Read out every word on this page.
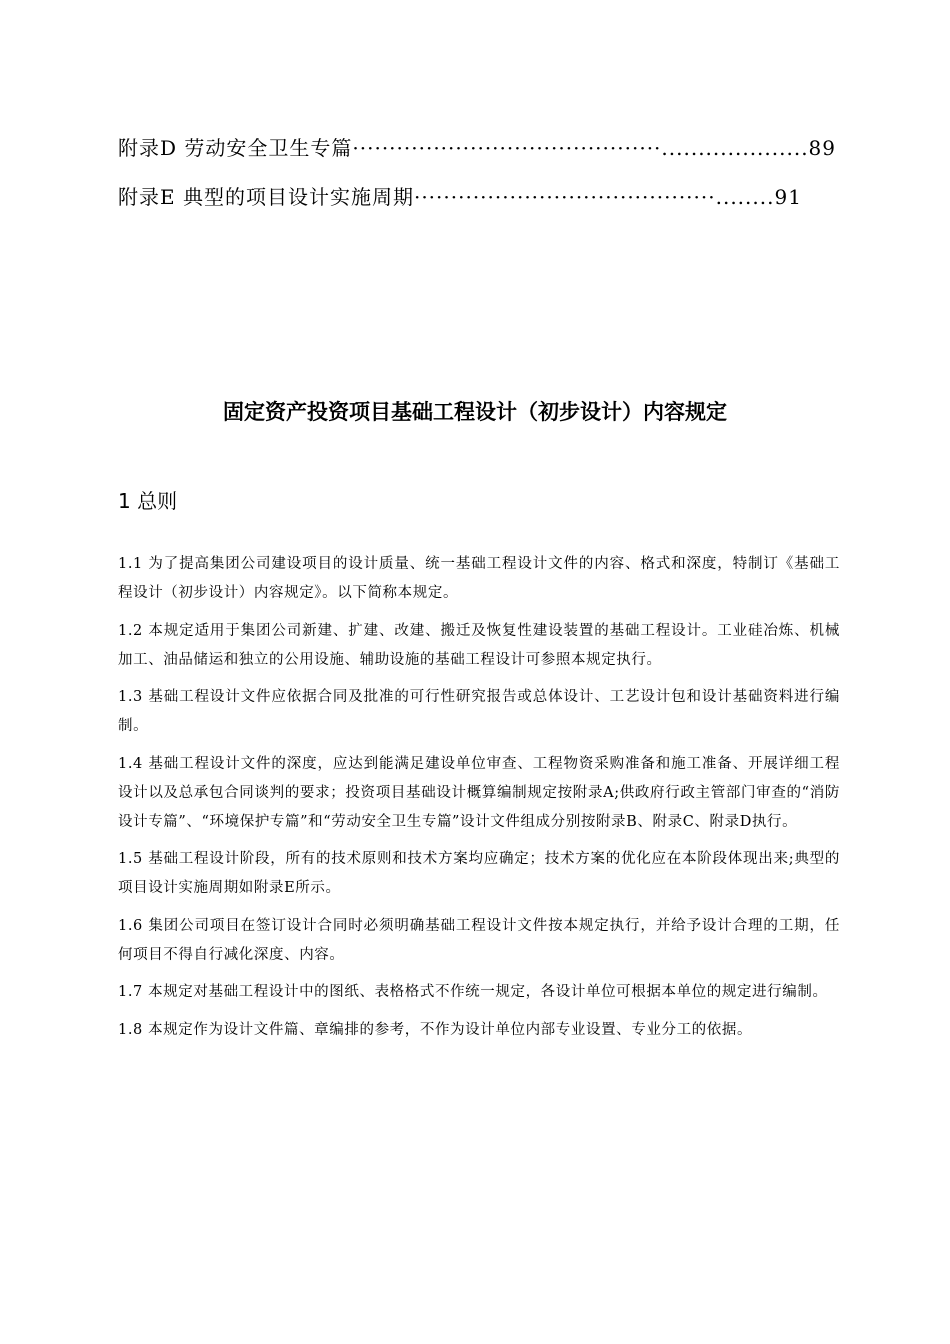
附录D 劳动安全卫生专篇··········································....................89
附录E 典型的项目设计实施周期·········································........91
固定资产投资项目基础工程设计（初步设计）内容规定
1 总则

1.1 为了提高集团公司建设项目的设计质量、统一基础工程设计文件的内容、格式和深度，特制订《基础工程设计（初步设计）内容规定》。以下简称本规定。

1.2 本规定适用于集团公司新建、扩建、改建、搬迁及恢复性建设装置的基础工程设计。工业硅冶炼、机械加工、油品储运和独立的公用设施、辅助设施的基础工程设计可参照本规定执行。

1.3 基础工程设计文件应依据合同及批准的可行性研究报告或总体设计、工艺设计包和设计基础资料进行编制。

1.4 基础工程设计文件的深度，应达到能满足建设单位审查、工程物资采购准备和施工准备、开展详细工程设计以及总承包合同谈判的要求；投资项目基础设计概算编制规定按附录A;供政府行政主管部门审查的“消防设计专篇”、“环境保护专篇”和“劳动安全卫生专篇”设计文件组成分别按附录B、附录C、附录D执行。

1.5 基础工程设计阶段，所有的技术原则和技术方案均应确定；技术方案的优化应在本阶段体现出来;典型的项目设计实施周期如附录E所示。

1.6 集团公司项目在签订设计合同时必须明确基础工程设计文件按本规定执行，并给予设计合理的工期，任何项目不得自行减化深度、内容。

1.7 本规定对基础工程设计中的图纸、表格格式不作统一规定，各设计单位可根据本单位的规定进行编制。

1.8 本规定作为设计文件篇、章编排的参考，不作为设计单位内部专业设置、专业分工的依据。
